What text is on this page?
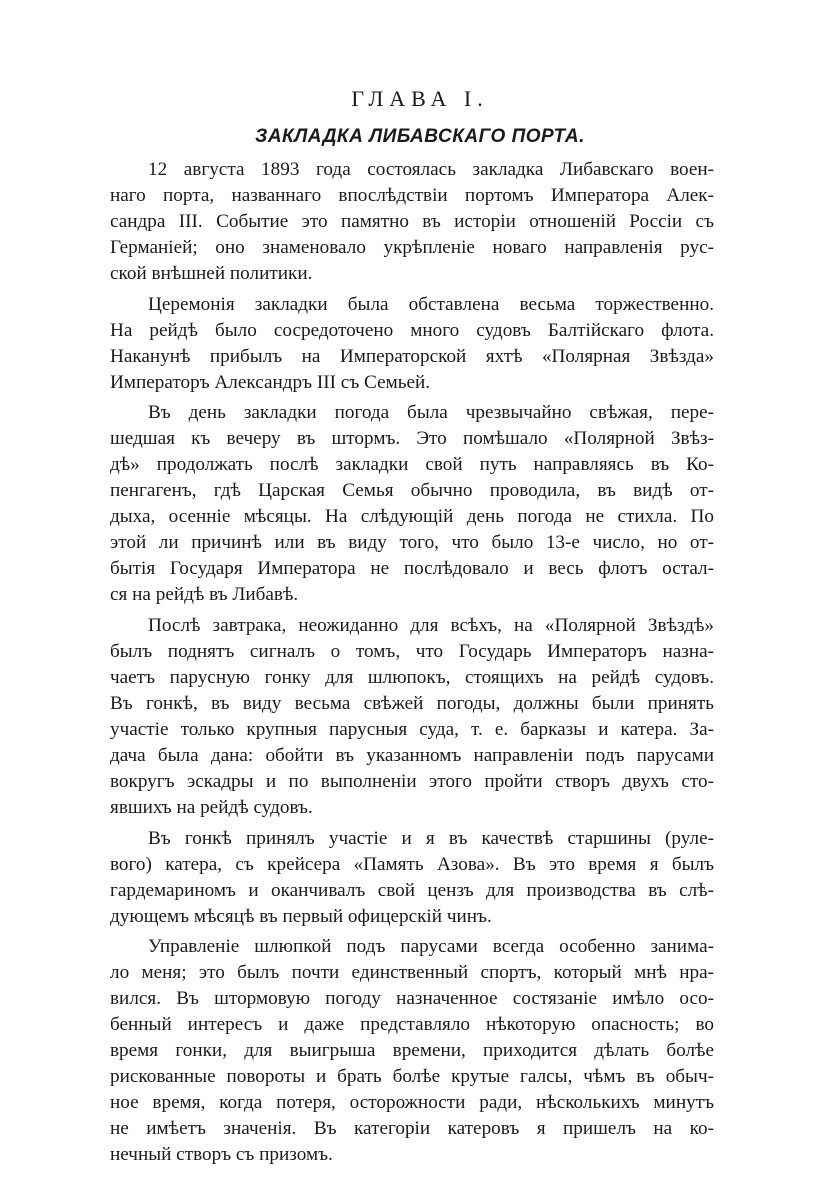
ГЛАВА I.
ЗАКЛАДКА ЛИБАВСКАГО ПОРТА.

12 августа 1893 года состоялась закладка Либавскаго воен-

наго порта, названнаго впослѣдствіи портомъ Императора Алек-

сандра III. Событие это памятно въ исторіи отношеній Россіи съ

Германіей; оно знаменовало укрѣпленіе новаго направленія рус-

ской внѣшней политики.

Церемонія закладки была обставлена весьма торжественно.

На рейдѣ было сосредоточено много судовъ Балтійскаго флота.

Наканунѣ прибылъ на Императорской яхтѣ «Полярная Звѣзда»

Императоръ Александръ III съ Семьей.

Въ день закладки погода была чрезвычайно свѣжая, пере-

шедшая къ вечеру въ штормъ. Это помѣшало «Полярной Звѣз-

дѣ» продолжать послѣ закладки свой путь направляясь въ Ко-

пенгагенъ, гдѣ Царская Семья обычно проводила, въ видѣ от-

дыха, осенніе мѣсяцы. На слѣдующій день погода не стихла. По

этой ли причинѣ или въ виду того, что было 13-е число, но от-

бытія Государя Императора не послѣдовало и весь флотъ остал-

ся на рейдѣ въ Либавѣ.

Послѣ завтрака, неожиданно для всѣхъ, на «Полярной Звѣздѣ»

былъ поднятъ сигналъ о томъ, что Государь Императоръ назна-

чаетъ парусную гонку для шлюпокъ, стоящихъ на рейдѣ судовъ.

Въ гонкѣ, въ виду весьма свѣжей погоды, должны были принять

участіе только крупныя парусныя суда, т. е. барказы и катера. За-

дача была дана: обойти въ указанномъ направленіи подъ парусами

вокругъ эскадры и по выполненіи этого пройти створъ двухъ сто-

явшихъ на рейдѣ судовъ.

Въ гонкѣ принялъ участіе и я въ качествѣ старшины (руле-

вого) катера, съ крейсера «Память Азова». Въ это время я былъ

гардемариномъ и оканчивалъ свой цензъ для производства въ слѣ-

дующемъ мѣсяцѣ въ первый офицерскій чинъ.

Управленіе шлюпкой подъ парусами всегда особенно занима-

ло меня; это былъ почти единственный спортъ, который мнѣ нра-

вился. Въ штормовую погоду назначенное состязаніе имѣло осо-

бенный интересъ и даже представляло нѣкоторую опасность; во

время гонки, для выигрыша времени, приходится дѣлать болѣе

рискованные повороты и брать болѣе крутые галсы, чѣмъ въ обыч-

ное время, когда потеря, осторожности ради, нѣсколькихъ минутъ

не имѣетъ значенія. Въ категоріи катеровъ я пришелъ на ко-

нечный створъ съ призомъ.
